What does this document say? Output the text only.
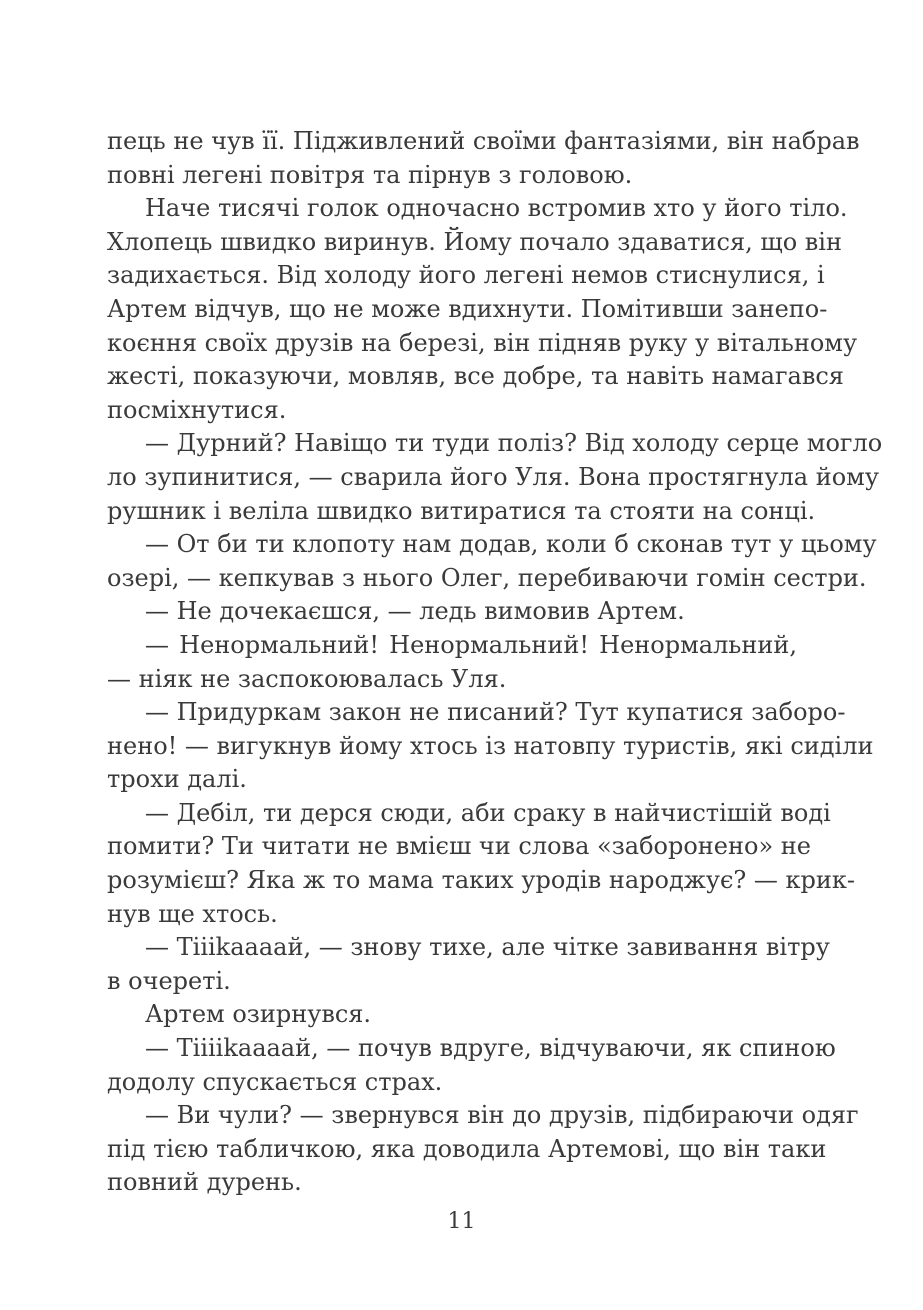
пець не чув її. Підживлений своїми фантазіями, він набрав
повні легені повітря та пірнув з головою.
Наче тисячі голок одночасно встромив хто у його тіло.
Хлопець швидко виринув. Йому почало здаватися, що він
задихається. Від холоду його легені немов стиснулися, і
Артем відчув, що не може вдихнути. Помітивши занепо-
коєння своїх друзів на березі, він підняв руку у вітальному
жесті, показуючи, мовляв, все добре, та навіть намагався
посміхнутися.
— Дурний? Навіщо ти туди поліз? Від холоду серце могло
ло зупинитися, — сварила його Уля. Вона простягнула йому
рушник і веліла швидко витиратися та стояти на сонці.
— От би ти клопоту нам додав, коли б сконав тут у цьому
озері, — кепкував з нього Олег, перебиваючи гомін сестри.
— Не дочекаєшся, — ледь вимовив Артем.
— Ненормальний! Ненормальний! Ненормальний,
— ніяк не заспокоювалась Уля.
— Придуркам закон не писаний? Тут купатися заборо-
нено! — вигукнув йому хтось із натовпу туристів, які сиділи
трохи далі.
— Дебіл, ти дерся сюди, аби сраку в найчистішій воді
помити? Ти читати не вмієш чи слова «заборонено» не
розумієш? Яка ж то мама таких уродів народжує? — крик-
нув ще хтось.
— Тіііkaaaай, — знову тихе, але чітке завивання вітру
в очереті.
Артем озирнувся.
— Тііііkaaaай, — почув вдруге, відчуваючи, як спиною
додолу спускається страх.
— Ви чули? — звернувся він до друзів, підбираючи одяг
під тією табличкою, яка доводила Артемові, що він таки
повний дурень.
11
